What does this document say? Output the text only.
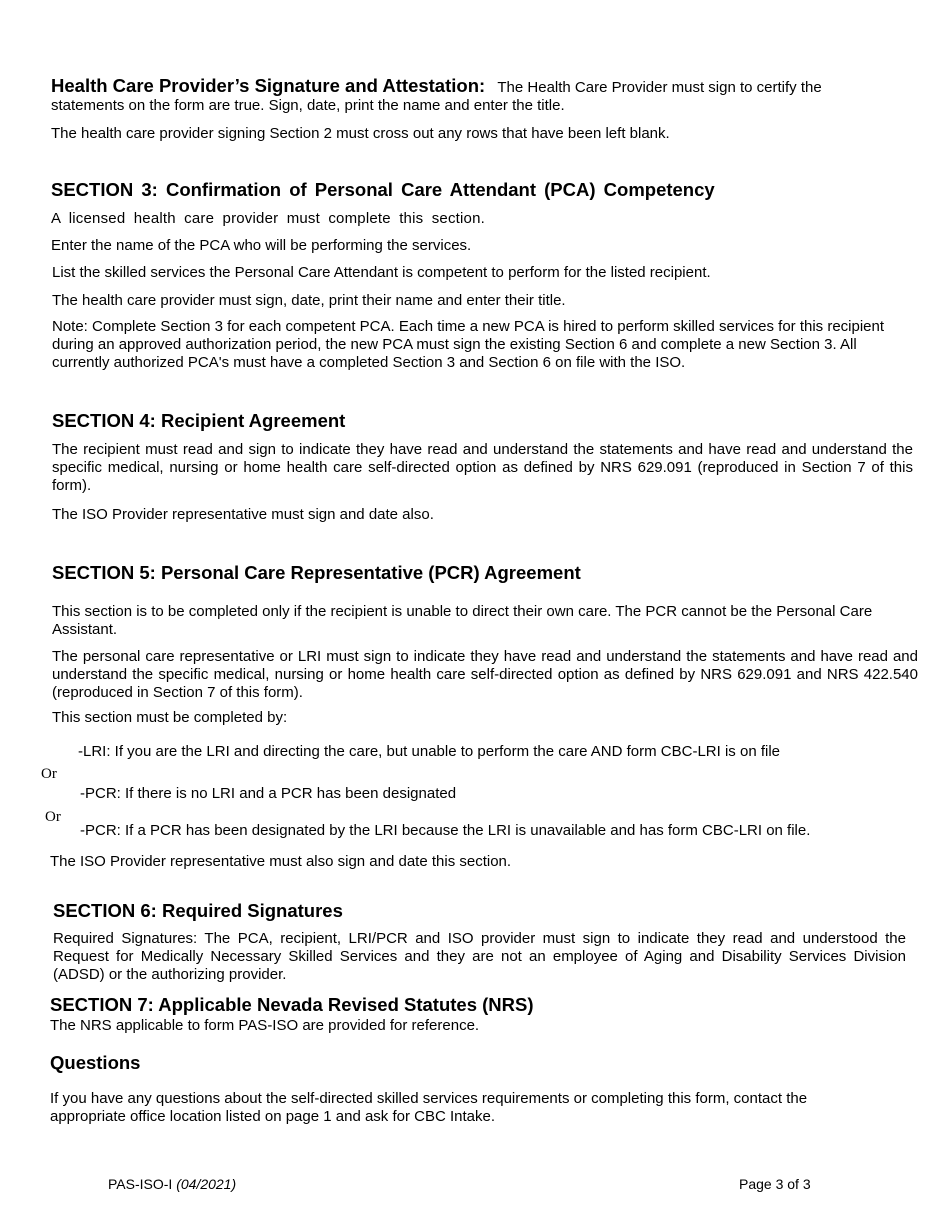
Health Care Provider’s Signature and Attestation: The Health Care Provider must sign to certify the statements on the form are true. Sign, date, print the name and enter the title.

The health care provider signing Section 2 must cross out any rows that have been left blank.

SECTION 3: Confirmation of Personal Care Attendant (PCA) Competency

A licensed health care provider must complete this section.

Enter the name of the PCA who will be performing the services.

List the skilled services the Personal Care Attendant is competent to perform for the listed recipient.

The health care provider must sign, date, print their name and enter their title.

Note: Complete Section 3 for each competent PCA. Each time a new PCA is hired to perform skilled services for this recipient during an approved authorization period, the new PCA must sign the existing Section 6 and complete a new Section 3. All currently authorized PCA's must have a completed Section 3 and Section 6 on file with the ISO.

SECTION 4: Recipient Agreement

The recipient must read and sign to indicate they have read and understand the statements and have read and understand the specific medical, nursing or home health care self-directed option as defined by NRS 629.091 (reproduced in Section 7 of this form).

The ISO Provider representative must sign and date also.

SECTION 5: Personal Care Representative (PCR) Agreement

This section is to be completed only if the recipient is unable to direct their own care. The PCR cannot be the Personal Care Assistant.

The personal care representative or LRI must sign to indicate they have read and understand the statements and have read and understand the specific medical, nursing or home health care self-directed option as defined by NRS 629.091 and NRS 422.540 (reproduced in Section 7 of this form).

This section must be completed by:

-LRI: If you are the LRI and directing the care, but unable to perform the care AND form CBC-LRI is on file

Or

-PCR: If there is no LRI and a PCR has been designated

Or

-PCR: If a PCR has been designated by the LRI because the LRI is unavailable and has form CBC-LRI on file.

The ISO Provider representative must also sign and date this section.

SECTION 6: Required Signatures

Required Signatures: The PCA, recipient, LRI/PCR and ISO provider must sign to indicate they read and understood the Request for Medically Necessary Skilled Services and they are not an employee of Aging and Disability Services Division (ADSD) or the authorizing provider.

SECTION 7: Applicable Nevada Revised Statutes (NRS)

The NRS applicable to form PAS-ISO are provided for reference.

Questions

If you have any questions about the self-directed skilled services requirements or completing this form, contact the appropriate office location listed on page 1 and ask for CBC Intake.

PAS-ISO-I (04/2021)	Page 3 of 3
